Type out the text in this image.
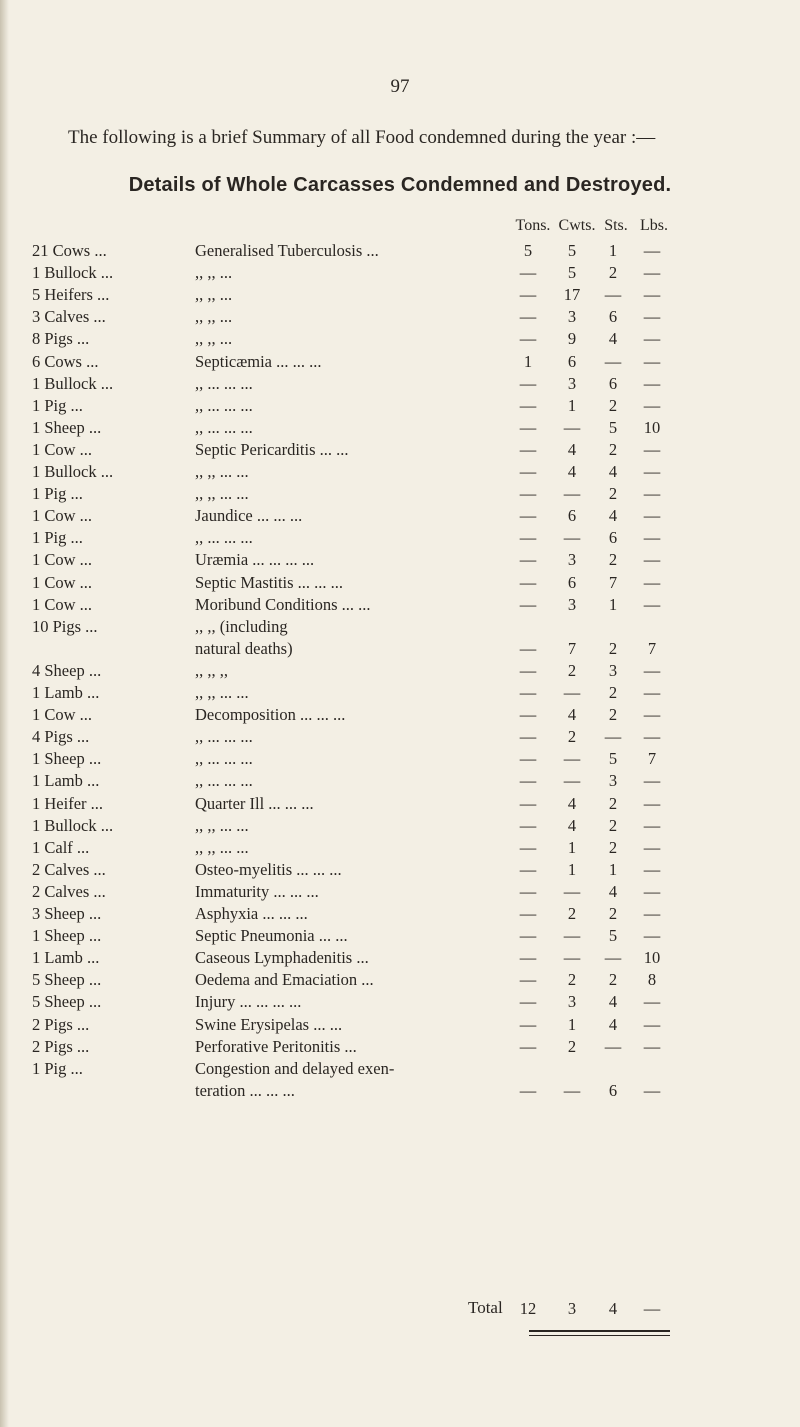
97
The following is a brief Summary of all Food condemned during the year :—
Details of Whole Carcasses Condemned and Destroyed.
Tons. Cwts. Sts. Lbs.
21 Cows ...	Generalised Tuberculosis ...	5	5	1	—
1 Bullock ...	,, ,, ...	—	5	2	—
5 Heifers ...	,, ,, ...	—	17	—	—
3 Calves ...	,, ,, ...	—	3	6	—
8 Pigs ...	,, ,, ...	—	9	4	—
6 Cows ...	Septicæmia ... ... ...	1	6	—	—
1 Bullock ...	,, ... ... ...	—	3	6	—
1 Pig ...	,, ... ... ...	—	1	2	—
1 Sheep ...	,, ... ... ...	—	—	5	10
1 Cow ...	Septic Pericarditis ... ...	—	4	2	—
1 Bullock ...	,, ,, ... ...	—	4	4	—
1 Pig ...	,, ,, ... ...	—	—	2	—
1 Cow ...	Jaundice ... ... ...	—	6	4	—
1 Pig ...	,, ... ... ...	—	—	6	—
1 Cow ...	Uræmia ... ... ... ...	—	3	2	—
1 Cow ...	Septic Mastitis ... ... ...	—	6	7	—
1 Cow ...	Moribund Conditions ... ...	—	3	1	—
10 Pigs ...	,, ,, (including
natural deaths)	—	7	2	7
4 Sheep ...	,, ,, ,,	—	2	3	—
1 Lamb ...	,, ,, ... ...	—	—	2	—
1 Cow ...	Decomposition ... ... ...	—	4	2	—
4 Pigs ...	,, ... ... ...	—	2	—	—
1 Sheep ...	,, ... ... ...	—	—	5	7
1 Lamb ...	,, ... ... ...	—	—	3	—
1 Heifer ...	Quarter Ill ... ... ...	—	4	2	—
1 Bullock ...	,, ,, ... ...	—	4	2	—
1 Calf ...	,, ,, ... ...	—	1	2	—
2 Calves ...	Osteo-myelitis ... ... ...	—	1	1	—
2 Calves ...	Immaturity ... ... ...	—	—	4	—
3 Sheep ...	Asphyxia ... ... ...	—	2	2	—
1 Sheep ...	Septic Pneumonia ... ...	—	—	5	—
1 Lamb ...	Caseous Lymphadenitis ...	—	—	—	10
5 Sheep ...	Oedema and Emaciation ...	—	2	2	8
5 Sheep ...	Injury ... ... ... ...	—	3	4	—
2 Pigs ...	Swine Erysipelas ... ...	—	1	4	—
2 Pigs ...	Perforative Peritonitis ...	—	2	—	—
1 Pig ...	Congestion and delayed exen-
teration ... ... ...	—	—	6	—
Total	12	3	4	—
